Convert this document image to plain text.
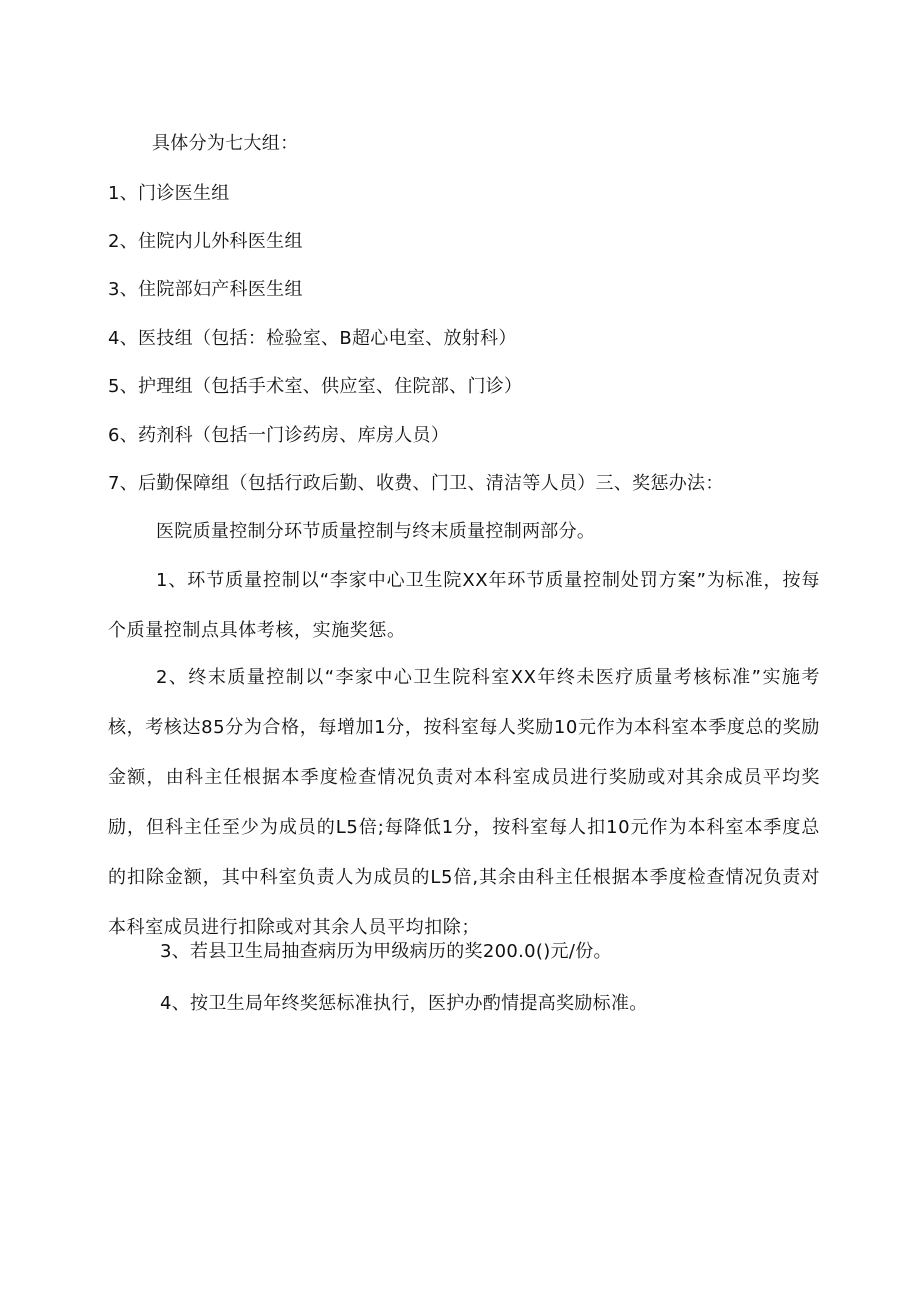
具体分为七大组：
1、门诊医生组
2、住院内儿外科医生组
3、住院部妇产科医生组
4、医技组（包括：检验室、B超心电室、放射科）
5、护理组（包括手术室、供应室、住院部、门诊）
6、药剂科（包括一门诊药房、库房人员）
7、后勤保障组（包括行政后勤、收费、门卫、清洁等人员）三、奖惩办法：
医院质量控制分环节质量控制与终末质量控制两部分。
1、环节质量控制以“李家中心卫生院XX年环节质量控制处罚方案”为标准，按每个质量控制点具体考核，实施奖惩。
2、终末质量控制以“李家中心卫生院科室XX年终未医疗质量考核标准”实施考核，考核达85分为合格，每增加1分，按科室每人奖励10元作为本科室本季度总的奖励金额，由科主任根据本季度检查情况负责对本科室成员进行奖励或对其余成员平均奖励，但科主任至少为成员的L5倍;每降低1分，按科室每人扣10元作为本科室本季度总的扣除金额，其中科室负责人为成员的L5倍,其余由科主任根据本季度检查情况负责对本科室成员进行扣除或对其余人员平均扣除；
3、若县卫生局抽查病历为甲级病历的奖200.0()元/份。
4、按卫生局年终奖惩标准执行，医护办酌情提高奖励标准。
